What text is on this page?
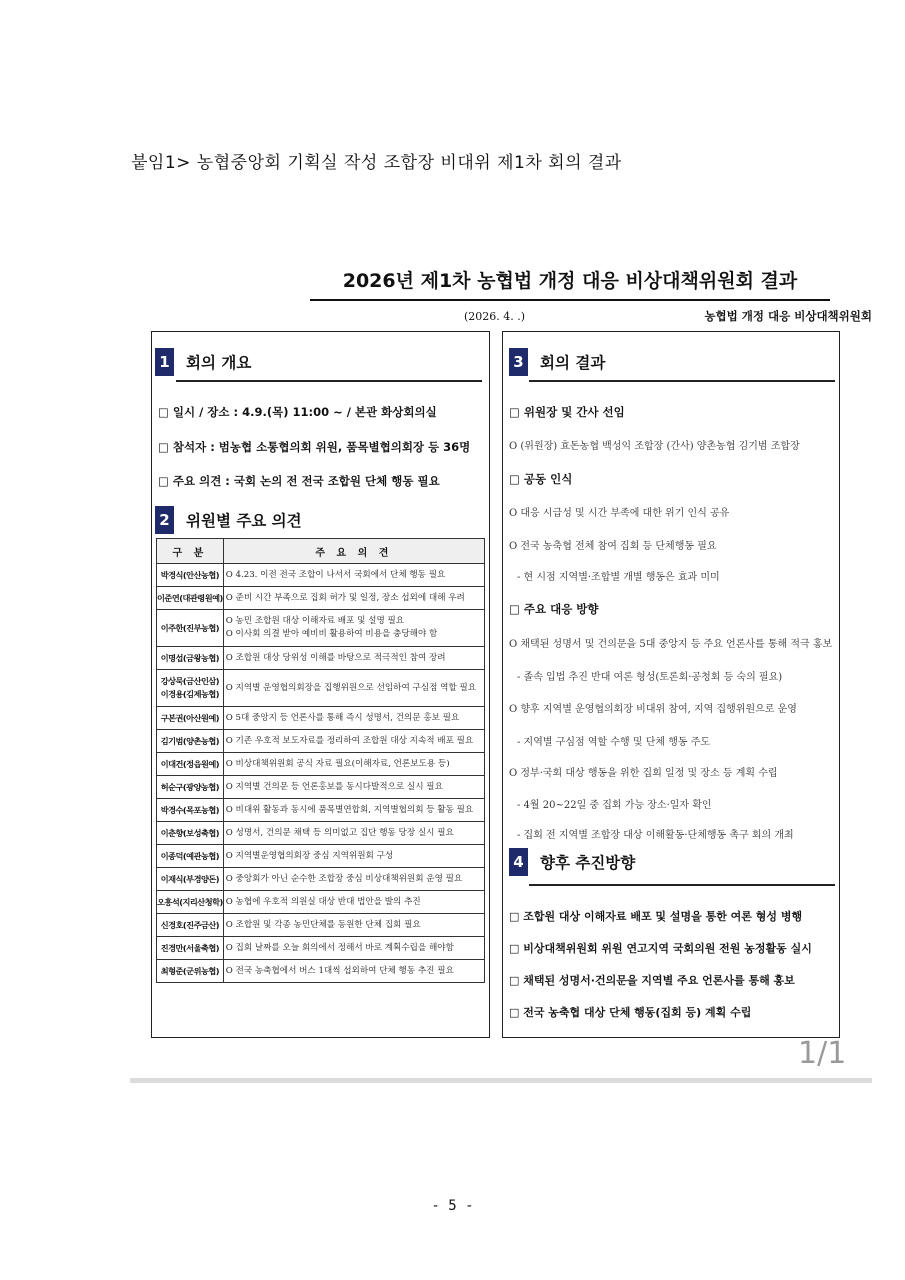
붙임1> 농협중앙회 기획실 작성 조합장 비대위 제1차 회의 결과
2026년 제1차 농협법 개정 대응 비상대책위원회 결과
(2026. 4. .)	농협법 개정 대응 비상대책위원회
1 회의 개요
□ 일시 / 장소 : 4.9.(목) 11:00 ~ / 본관 화상회의실
□ 참석자 : 범농협 소통협의회 위원, 품목별협의회장 등 36명
□ 주요 의견 : 국회 논의 전 전국 조합원 단체 행동 필요
2 위원별 주요 의견
구 분	주 요 의 견

박경식(안산농협)	O 4.23. 이전 전국 조합이 나서서 국회에서 단체 행동 필요

이준연(대관령원예)	O 준비 시간 부족으로 집회 허가 및 일정, 장소 섭외에 대해 우려

이주한(진부농협)	O 농민 조합원 대상 이해자료 배포 및 설명 필요
O 이사회 의결 받아 예비비 활용하여 비용을 충당해야 함

이명섭(금왕농협)	O 조합원 대상 당위성 이해를 바탕으로 적극적인 참여 장려

강상묵(금산인삼)
이경용(김제농협)	O 지역별 운영협의회장을 집행위원으로 선임하여 구심점 역할 필요

구본권(아산원예)	O 5대 중앙지 등 언론사를 통해 즉시 성명서, 건의문 홍보 필요

김기범(양촌농협)	O 기존 우호적 보도자료를 정리하여 조합원 대상 지속적 배포 필요

이대건(정읍원예)	O 비상대책위원회 공식 자료 필요(이해자료, 언론보도용 등)

허순구(광양농협)	O 지역별 건의문 등 언론홍보를 동시다발적으로 실시 필요

박경수(목포농협)	O 비대위 활동과 동시에 품목별연합회, 지역별협의회 등 활동 필요

이춘향(보성축협)	O 성명서, 건의문 채택 등 의미없고 집단 행동 당장 실시 필요

이종덕(예관농협)	O 지역별운영협의회장 중심 지역위원회 구성

이재식(부경양돈)	O 중앙회가 아닌 순수한 조합장 중심 비상대책위원회 운영 필요

오흥석(지리산청학)	O 농협에 우호적 의원실 대상 반대 법안을 발의 추진

신경호(진주금산)	O 조합원 및 각종 농민단체를 동원한 단체 집회 필요

진경만(서울축협)	O 집회 날짜를 오늘 회의에서 정해서 바로 계획수립을 해야함

최형준(군위농협)	O 전국 농축협에서 버스 1대씩 섭외하여 단체 행동 추진 필요
3 회의 결과
□ 위원장 및 간사 선임
O (위원장) 효돈농협 백성익 조합장 (간사) 양촌농협 김기범 조합장
□ 공동 인식
O 대응 시급성 및 시간 부족에 대한 위기 인식 공유
O 전국 농축협 전체 참여 집회 등 단체행동 필요
- 현 시점 지역별·조합별 개별 행동은 효과 미미
□ 주요 대응 방향
O 채택된 성명서 및 건의문을 5대 중앙지 등 주요 언론사를 통해 적극 홍보
- 졸속 입법 추진 반대 여론 형성(토론회·공청회 등 숙의 필요)
O 향후 지역별 운영협의회장 비대위 참여, 지역 집행위원으로 운영
- 지역별 구심점 역할 수행 및 단체 행동 주도
O 정부·국회 대상 행동을 위한 집회 일정 및 장소 등 계획 수립
- 4월 20~22일 중 집회 가능 장소·일자 확인
- 집회 전 지역별 조합장 대상 이해활동·단체행동 촉구 회의 개최
4 향후 추진방향
□ 조합원 대상 이해자료 배포 및 설명을 통한 여론 형성 병행
□ 비상대책위원회 위원 연고지역 국회의원 전원 농정활동 실시
□ 채택된 성명서·건의문을 지역별 주요 언론사를 통해 홍보
□ 전국 농축협 대상 단체 행동(집회 등) 계획 수립
1/1
- 5 -
